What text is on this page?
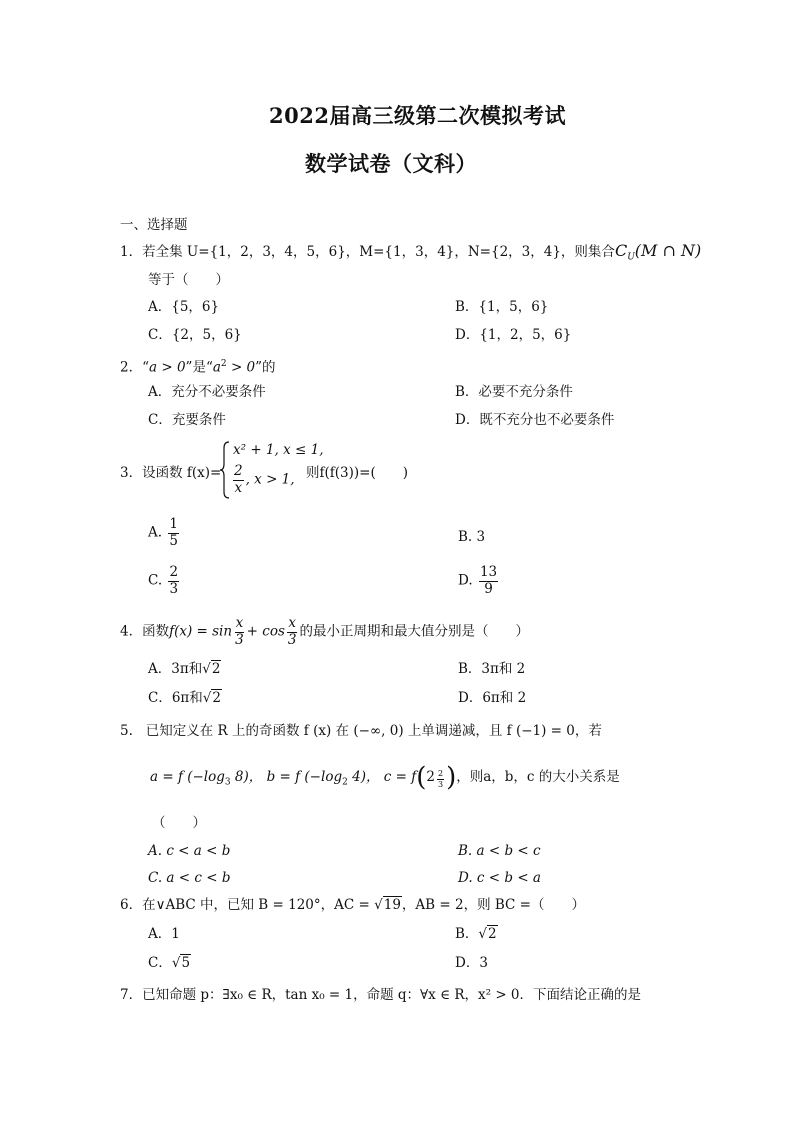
2022届高三级第二次模拟考试
数学试卷（文科）
一、选择题
1．若全集 U={1，2，3，4，5，6}，M={1，3，4}，N={2，3，4}，则集合$C_U(M$ ∩ N)
等于（　　）
A．{5，6}	B．{1，5，6}
C．{2，5，6}	D．{1，2，5，6}
2．“a > 0”是“$a^2 > 0$”的
A．充分不必要条件	B．必要不充分条件
C．充要条件	D．既不充分也不必要条件
3．设函数 f(x)=
x² + 1, x ≤ 1,
$\frac{2}{x}$ , x > 1, 则f(f(3))=(　　)
A. $\frac{1}{5}$	B. 3
C. $\frac{2}{3}$	D. $\frac{13}{9}$
4．函数$f(x) = \sin \frac{x}{3} + \cos \frac{x}{3}$ 的最小正周期和最大值分别是（　　）
A．3π和√2	B．3π和 2
C．6π和√2	D．6π和 2
5. 已知定义在 R 上的奇函数 f (x) 在 (−∞, 0) 上单调递减，且 f (−1) = 0，若
a = f ($-\log_3$ 8)， b = f ($-\log_2$ 4)， $c = f(2 \frac{2}{3}$ )，则a，b，c 的大小关系是
（　　）
A. c < a < b	B. a < b < c
C. a < c < b	D. c < b < a
6．在∨ABC 中，已知 B = 120°，AC = √19，AB = 2，则 BC =（　　）
A．1	B．√2
C．√5	D．3
7．已知命题 p：∃x₀ ∈ R，tan x₀ = 1，命题 q：∀x ∈ R，x² > 0．下面结论正确的是
